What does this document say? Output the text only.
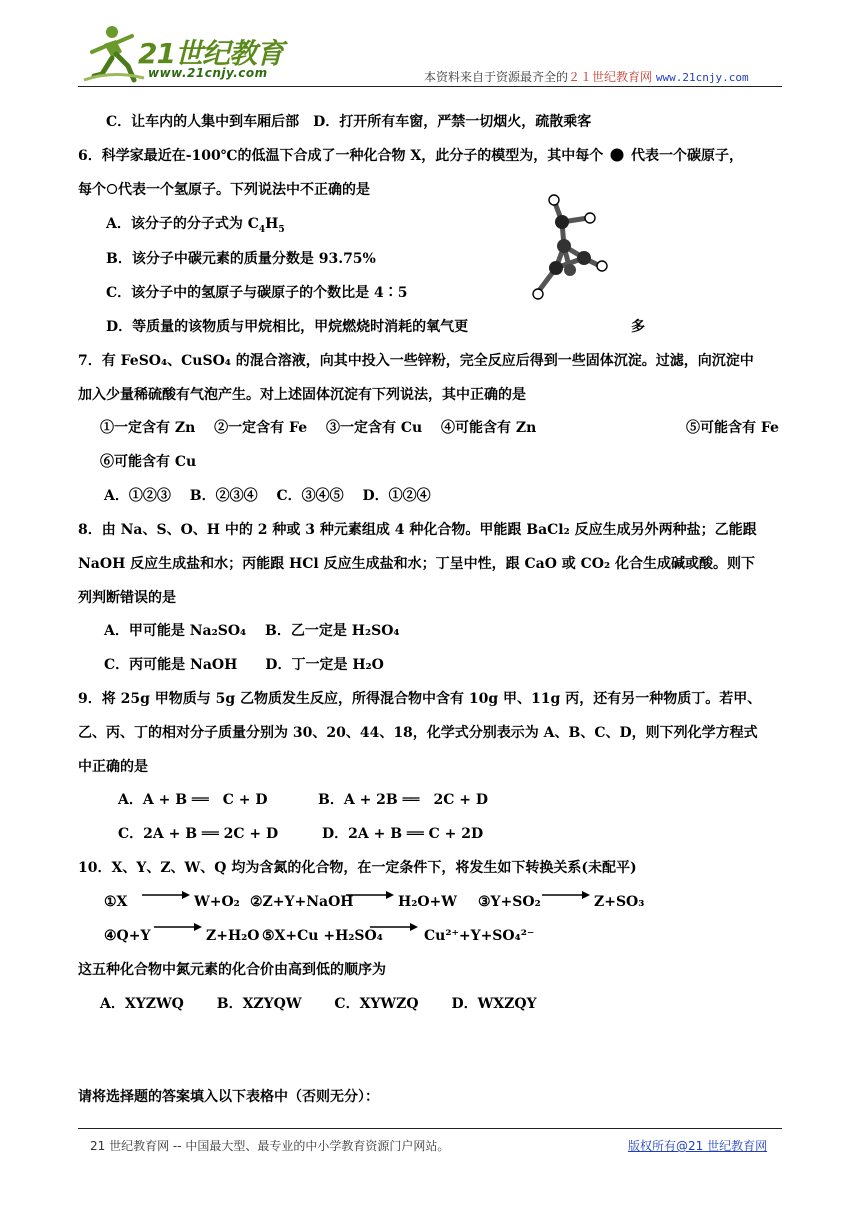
21世纪教育
www.21cnjy.com	本资料来自于资源最齐全的２１世纪教育网 www.21cnjy.com
C．让车内的人集中到车厢后部　D．打开所有车窗，严禁一切烟火，疏散乘客
6．科学家最近在-100℃的低温下合成了一种化合物 X，此分子的模型为，其中每个 代表一个碳原子，
每个 代表一个氢原子。下列说法中不正确的是
A．该分子的分子式为 $C_4H_5$
B．该分子中碳元素的质量分数是 93.75%
C．该分子中的氢原子与碳原子的个数比是 4∶5
D．等质量的该物质与甲烷相比，甲烷燃烧时消耗的氧气更	多
7．有 FeSO₄、CuSO₄ 的混合溶液，向其中投入一些锌粉，完全反应后得到一些固体沉淀。过滤，向沉淀中
加入少量稀硫酸有气泡产生。对上述固体沉淀有下列说法，其中正确的是
①一定含有 Zn　 ②一定含有 Fe　 ③一定含有 Cu　 ④可能含有 Zn	⑤可能含有 Fe
⑥可能含有 Cu
A．①②③　 B．②③④　 C．③④⑤　 D．①②④
8．由 Na、S、O、H 中的 2 种或 3 种元素组成 4 种化合物。甲能跟 BaCl₂ 反应生成另外两种盐；乙能跟
NaOH 反应生成盐和水；丙能跟 HCl 反应生成盐和水；丁呈中性，跟 CaO 或 CO₂ 化合生成碱或酸。则下
列判断错误的是
A．甲可能是 Na₂SO₄　 B．乙一定是 H₂SO₄
C．丙可能是 NaOH　　D．丁一定是 H₂O
9．将 25g 甲物质与 5g 乙物质发生反应，所得混合物中含有 10g 甲、11g 丙，还有另一种物质丁。若甲、
乙、丙、丁的相对分子质量分别为 30、20、44、18，化学式分别表示为 A、B、C、D，则下列化学方程式
中正确的是
A．A + B ══　C + D	B．A + 2B ══　2C + D
C．2A + B ══ 2C + D	D．2A + B ══ C + 2D
10．X、Y、Z、W、Q 均为含氮的化合物，在一定条件下，将发生如下转换关系(未配平)
①X → W+O₂ ②Z+Y+NaOH → H₂O+W ③Y+SO₂ → Z+SO₃
④Q+Y	Z+H₂O ⑤X+Cu +H₂SO₄	Cu²⁺+Y+SO₄²⁻
这五种化合物中氮元素的化合价由高到低的顺序为
A．XYZWQ　　 B．XZYQW　　 C．XYWZQ　　 D．WXZQY
请将选择题的答案填入以下表格中（否则无分）：
21 世纪教育网 -- 中国最大型、最专业的中小学教育资源门户网站。	版权所有@21 世纪教育网
